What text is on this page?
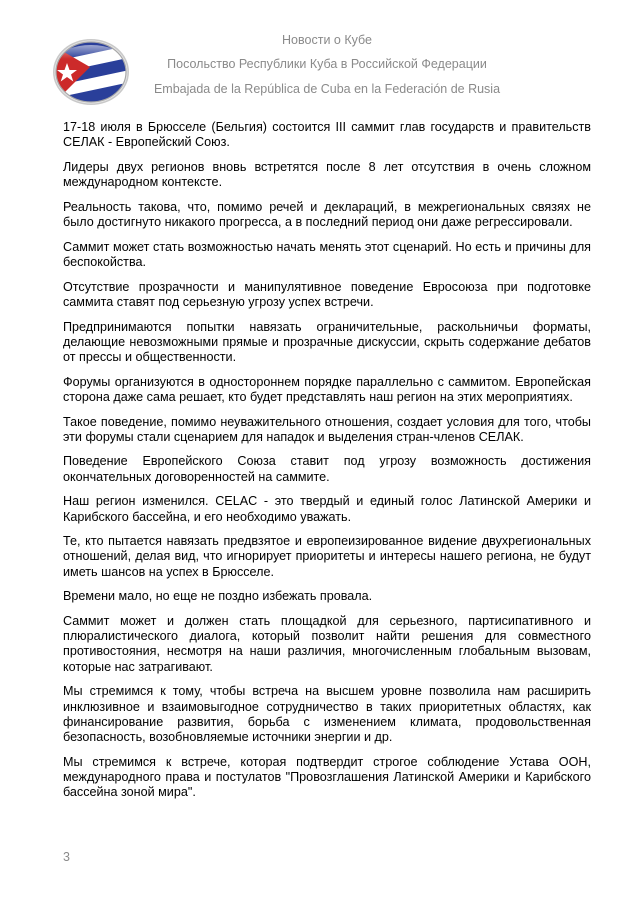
Новости о Кубе
Посольство Республики Куба в Российской Федерации
Embajada de la República de Cuba en la Federación de Rusia

17-18 июля в Брюсселе (Бельгия) состоится III саммит глав государств и правительств СЕЛАК - Европейский Союз.

Лидеры двух регионов вновь встретятся после 8 лет отсутствия в очень сложном международном контексте.

Реальность такова, что, помимо речей и деклараций, в межрегиональных связях не было достигнуто никакого прогресса, а в последний период они даже регрессировали.

Саммит может стать возможностью начать менять этот сценарий. Но есть и причины для беспокойства.

Отсутствие прозрачности и манипулятивное поведение Евросоюза при подготовке саммита ставят под серьезную угрозу успех встречи.

Предпринимаются попытки навязать ограничительные, раскольничьи форматы, делающие невозможными прямые и прозрачные дискуссии, скрыть содержание дебатов от прессы и общественности.

Форумы организуются в одностороннем порядке параллельно с саммитом. Европейская сторона даже сама решает, кто будет представлять наш регион на этих мероприятиях.

Такое поведение, помимо неуважительного отношения, создает условия для того, чтобы эти форумы стали сценарием для нападок и выделения стран-членов СЕЛАК.

Поведение Европейского Союза ставит под угрозу возможность достижения окончательных договоренностей на саммите.

Наш регион изменился. CELAC - это твердый и единый голос Латинской Америки и Карибского бассейна, и его необходимо уважать.

Те, кто пытается навязать предвзятое и европеизированное видение двухрегиональных отношений, делая вид, что игнорирует приоритеты и интересы нашего региона, не будут иметь шансов на успех в Брюсселе.

Времени мало, но еще не поздно избежать провала.

Саммит может и должен стать площадкой для серьезного, партисипативного и плюралистического диалога, который позволит найти решения для совместного противостояния, несмотря на наши различия, многочисленным глобальным вызовам, которые нас затрагивают.

Мы стремимся к тому, чтобы встреча на высшем уровне позволила нам расширить инклюзивное и взаимовыгодное сотрудничество в таких приоритетных областях, как финансирование развития, борьба с изменением климата, продовольственная безопасность, возобновляемые источники энергии и др.

Мы стремимся к встрече, которая подтвердит строгое соблюдение Устава ООН, международного права и постулатов "Провозглашения Латинской Америки и Карибского бассейна зоной мира".

3
